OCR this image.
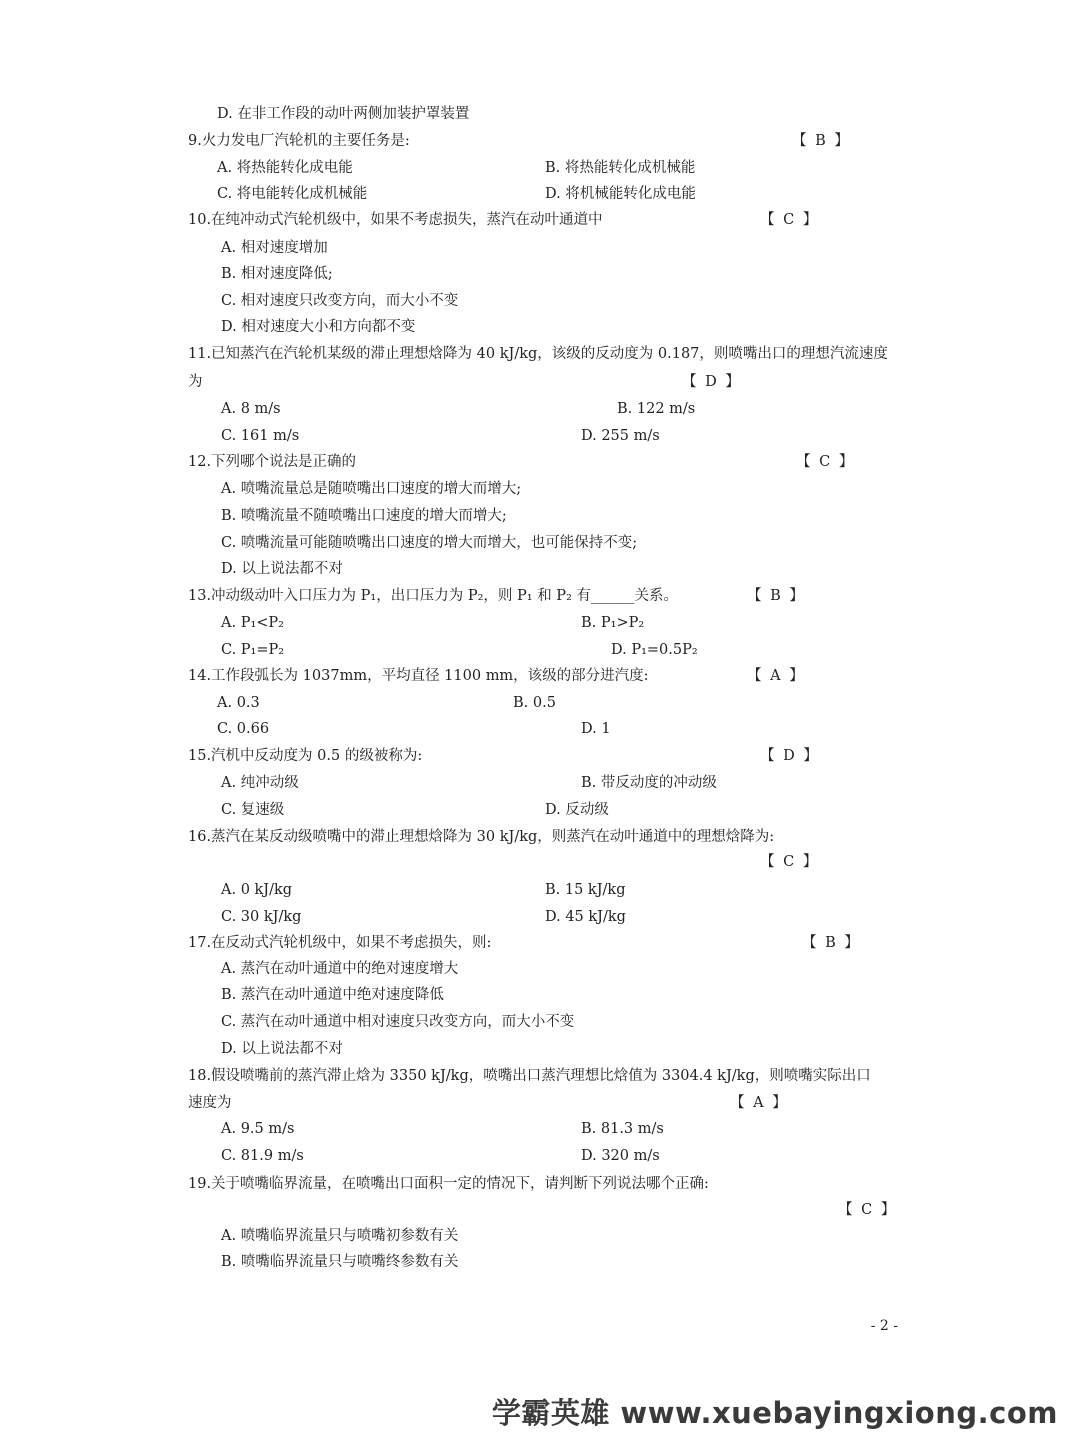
D. 在非工作段的动叶两侧加装护罩装置
9.火力发电厂汽轮机的主要任务是:	【 B 】
A. 将热能转化成电能	B. 将热能转化成机械能
C. 将电能转化成机械能	D. 将机械能转化成电能
10.在纯冲动式汽轮机级中，如果不考虑损失，蒸汽在动叶通道中	【 C 】
A. 相对速度增加
B. 相对速度降低;
C. 相对速度只改变方向，而大小不变
D. 相对速度大小和方向都不变
11.已知蒸汽在汽轮机某级的滞止理想焓降为 40 kJ/kg，该级的反动度为 0.187，则喷嘴出口的理想汽流速度
为	【 D 】
A. 8 m/s	B. 122 m/s
C. 161 m/s	D. 255 m/s
12.下列哪个说法是正确的	【 C 】
A. 喷嘴流量总是随喷嘴出口速度的增大而增大;
B. 喷嘴流量不随喷嘴出口速度的增大而增大;
C. 喷嘴流量可能随喷嘴出口速度的增大而增大，也可能保持不变;
D. 以上说法都不对
13.冲动级动叶入口压力为 P₁，出口压力为 P₂，则 P₁ 和 P₂ 有______关系。	【 B 】
A. P₁<P₂	B. P₁>P₂
C. P₁=P₂	D. P₁=0.5P₂
14.工作段弧长为 1037mm，平均直径 1100 mm，该级的部分进汽度:	【 A 】
A. 0.3	B. 0.5
C. 0.66	D. 1
15.汽机中反动度为 0.5 的级被称为:	【 D 】
A. 纯冲动级	B. 带反动度的冲动级
C. 复速级	D. 反动级
16.蒸汽在某反动级喷嘴中的滞止理想焓降为 30 kJ/kg，则蒸汽在动叶通道中的理想焓降为:
【 C 】
A. 0 kJ/kg	B. 15 kJ/kg
C. 30 kJ/kg	D. 45 kJ/kg
17.在反动式汽轮机级中，如果不考虑损失，则:	【 B 】
A. 蒸汽在动叶通道中的绝对速度增大
B. 蒸汽在动叶通道中绝对速度降低
C. 蒸汽在动叶通道中相对速度只改变方向，而大小不变
D. 以上说法都不对
18.假设喷嘴前的蒸汽滞止焓为 3350 kJ/kg，喷嘴出口蒸汽理想比焓值为 3304.4 kJ/kg，则喷嘴实际出口
速度为	【 A 】
A. 9.5 m/s	B. 81.3 m/s
C. 81.9 m/s	D. 320 m/s
19.关于喷嘴临界流量，在喷嘴出口面积一定的情况下，请判断下列说法哪个正确:
【 C 】
A. 喷嘴临界流量只与喷嘴初参数有关
B. 喷嘴临界流量只与喷嘴终参数有关
- 2 -
学霸英雄 www.xuebayingxiong.com
